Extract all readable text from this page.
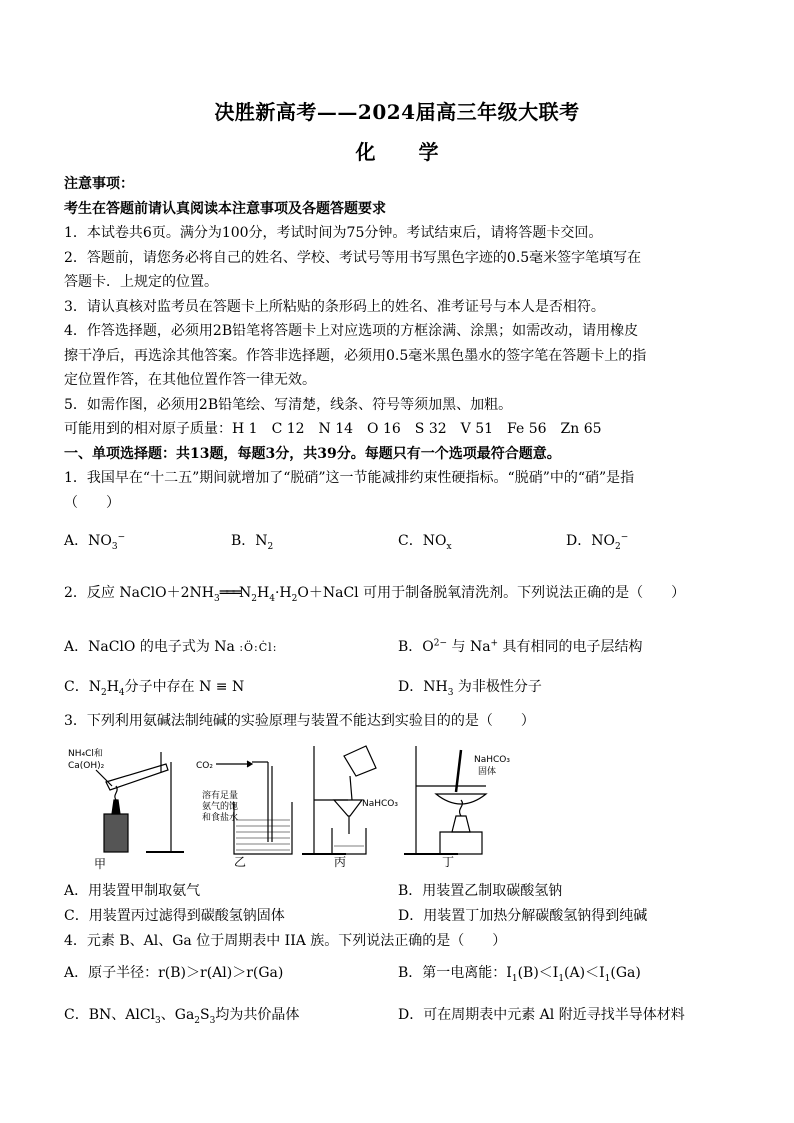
决胜新高考——2024届高三年级大联考
化 学
注意事项：
考生在答题前请认真阅读本注意事项及各题答题要求
1．本试卷共6页。满分为100分，考试时间为75分钟。考试结束后，请将答题卡交回。
2．答题前，请您务必将自己的姓名、学校、考试号等用书写黑色字迹的0.5毫米签字笔填写在
答题卡．上规定的位置。
3．请认真核对监考员在答题卡上所粘贴的条形码上的姓名、准考证号与本人是否相符。
4．作答选择题，必须用2B铅笔将答题卡上对应选项的方框涂满、涂黑；如需改动，请用橡皮
擦干净后，再选涂其他答案。作答非选择题，必须用0.5毫米黑色墨水的签字笔在答题卡上的指
定位置作答，在其他位置作答一律无效。
5．如需作图，必须用2B铅笔绘、写清楚，线条、符号等须加黑、加粗。
可能用到的相对原子质量：H 1　C 12　N 14　O 16　S 32　V 51　Fe 56　Zn 65
一、单项选择题：共13题，每题3分，共39分。每题只有一个选项最符合题意。
1．我国早在“十二五”期间就增加了“脱硝”这一节能减排约束性硬指标。“脱硝”中的“硝”是指
（　　）
A．$NO_3^-$	B．$N_2$	C．$NO_x$	D．$NO_2^-$
2．反应 $NaClO+2NH_3═══N_2H_4\cdot H_2O+NaCl$ 可用于制备脱氧清洗剂。下列说法正确的是（　　）
A．NaClO 的电子式为 Na :Ö:Ċl:	B．$O^{2-}$ 与 Na+ 具有相同的电子层结构
C．$N_2H_4$分子中存在 N ≡ N	D．$NH_3$ 为非极性分子
3．下列利用氨碱法制纯碱的实验原理与装置不能达到实验目的的是（　　）
NH₄Cl和
Ca(OH)₂
甲
CO₂
溶有足量
氨气的饱
和食盐水
乙
NaHCO₃
丙
NaHCO₃
固体
丁
A．用装置甲制取氨气	B．用装置乙制取碳酸氢钠
C．用装置丙过滤得到碳酸氢钠固体	D．用装置丁加热分解碳酸氢钠得到纯碱
4．元素 B、Al、Ga 位于周期表中 IIA 族。下列说法正确的是（　　）
A．原子半径：r(B)＞r(Al)＞r(Ga)	B．第一电离能：$I_1(B)<I_1(A)<I_1(Ga)$
C．BN、AlCl$_3$、$Ga_2S_3$均为共价晶体	D．可在周期表中元素 Al 附近寻找半导体材料
